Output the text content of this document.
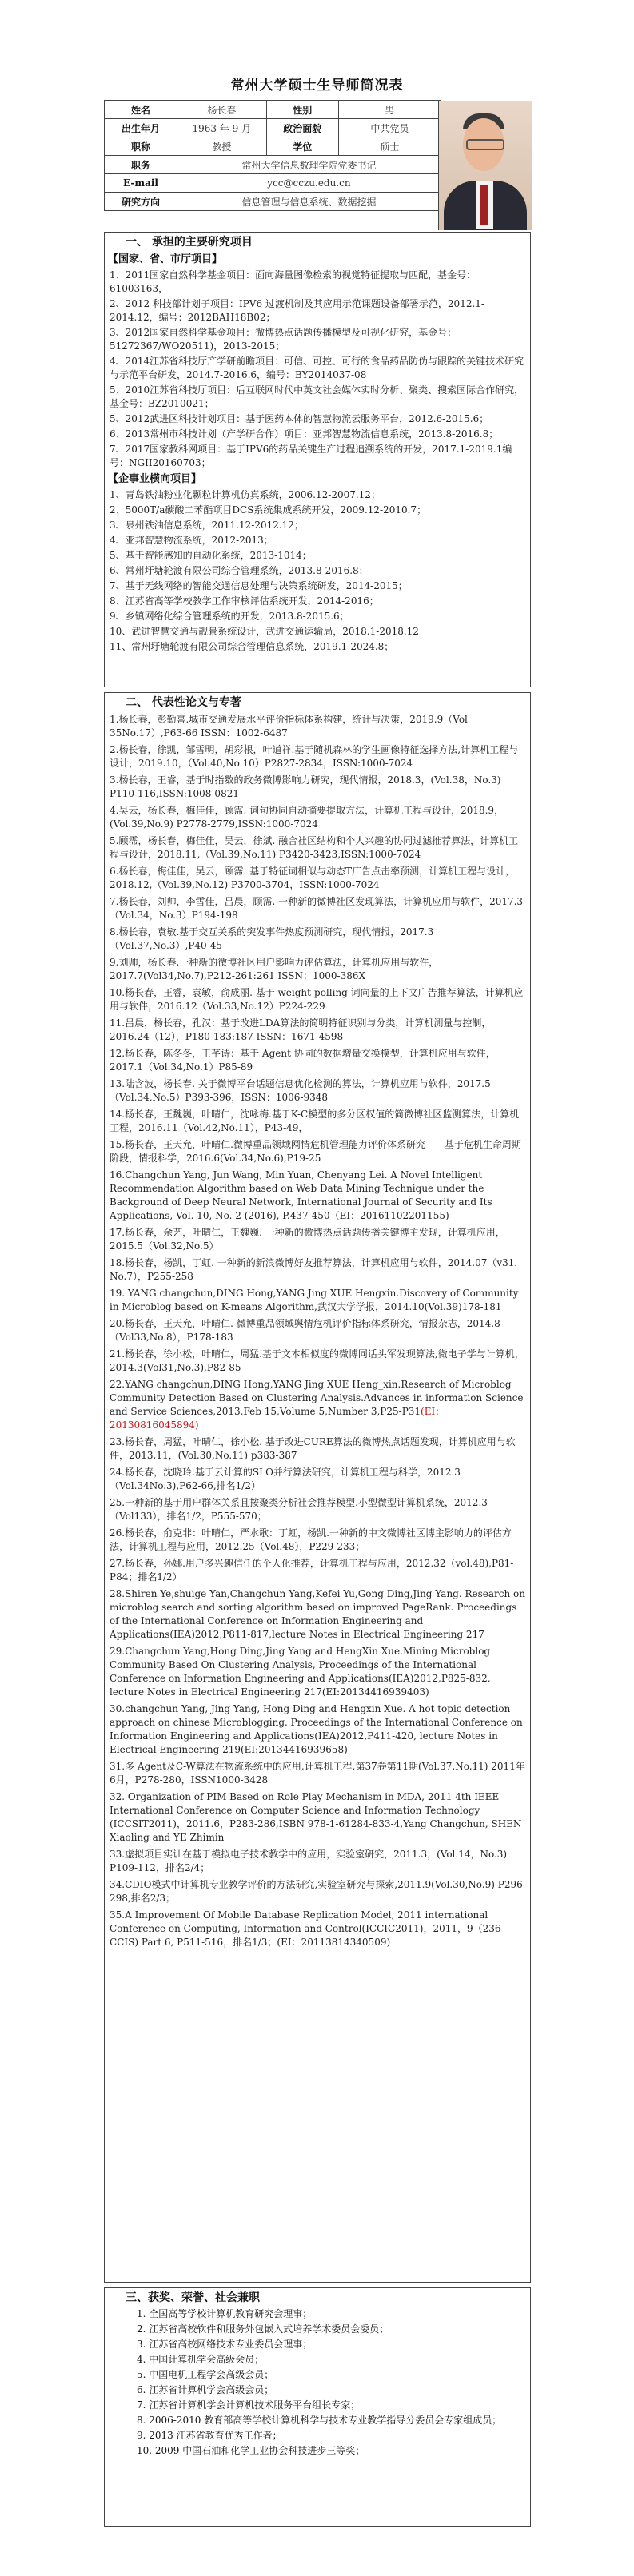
常州大学硕士生导师简况表
姓名	杨长春	性别	男	
出生年月	1963 年 9 月	政治面貌	中共党员	
职称	教授	学位	硕士	
职务	常州大学信息数理学院党委书记			
E-mail	ycc@cczu.edu.cn			
研究方向	信息管理与信息系统、数据挖掘			
一、 承担的主要研究项目
【国家、省、市厅项目】
1、2011国家自然科学基金项目：面向海量图像检索的视觉特征提取与匹配，基金号：61003163，
2、2012 科技部计划子项目：IPV6 过渡机制及其应用示范课题设备部署示范，2012.1-2014.12，编号：2012BAH18B02；
3、2012国家自然科学基金项目：微博热点话题传播模型及可视化研究，基金号：51272367/WO20511)，2013-2015；
4、2014江苏省科技厅产学研前瞻项目：可信、可控、可行的食品药品防伪与跟踪的关键技术研究与示范平台研发，2014.7-2016.6，编号：BY2014037-08
5、2010江苏省科技厅项目：后互联网时代中英文社会媒体实时分析、聚类、搜索国际合作研究，基金号：BZ2010021；
5、2012武进区科技计划项目：基于医药本体的智慧物流云服务平台，2012.6-2015.6；
6、2013常州市科技计划（产学研合作）项目：亚邦智慧物流信息系统，2013.8-2016.8；
7、2017国家教科网项目：基于IPV6的药品关键生产过程追溯系统的开发，2017.1-2019.1编号：NGII20160703；
【企事业横向项目】
1、青岛铁油粉业化颗粒计算机仿真系统，2006.12-2007.12；
2、5000T/a碳酸二苯酯项目DCS系统集成系统开发，2009.12-2010.7；
3、泉州铁油信息系统，2011.12-2012.12；
4、亚邦智慧物流系统，2012-2013；
5、基于智能感知的自动化系统，2013-1014；
6、常州圩塘轮渡有限公司综合管理系统，2013.8-2016.8；
7、基于无线网络的智能交通信息处理与决策系统研发，2014-2015；
8、江苏省高等学校教学工作审核评估系统开发，2014-2016；
9、乡镇网络化综合管理系统的开发，2013.8-2015.6；
10、武进智慧交通与靓景系统设计，武进交通运输局，2018.1-2018.12
11、常州圩塘轮渡有限公司综合管理信息系统，2019.1-2024.8；
二、 代表性论文与专著
1.杨长春，彭勤喜.城市交通发展水平评价指标体系构建，统计与决策，2019.9（Vol 35No.17）,P63-66 ISSN：1002-6487
2.杨长春，徐凯，邹雪明，胡彩根，叶道祥.基于随机森林的学生画像特征选择方法,计算机工程与设计，2019.10，（Vol.40,No.10）P2827-2834，ISSN:1000-7024
3.杨长春，王睿，基于时指数的政务微博影响力研究，现代情报，2018.3，(Vol.38，No.3) P110-116,ISSN:1008-0821
4.吴云，杨长春，梅佳佳，顾霈. 词句协同自动摘要提取方法，计算机工程与设计，2018.9，(Vol.39,No.9) P2778-2779,ISSN:1000-7024
5.顾霈，杨长春，梅佳佳，吴云，徐斌. 融合社区结构和个人兴趣的协同过滤推荐算法，计算机工程与设计，2018.11,（Vol.39,No.11) P3420-3423,ISSN:1000-7024
6.杨长春，梅佳佳，吴云，顾霈. 基于特征词相似与动态T广告点击率预测，计算机工程与设计，2018.12,（Vol.39,No.12) P3700-3704，ISSN:1000-7024
7.杨长春，刘帅，李雪佳，吕晨，顾霈. 一种新的微博社区发现算法，计算机应用与软件，2017.3（Vol.34，No.3）P194-198
8.杨长春，袁敏.基于交互关系的突发事件热度预测研究，现代情报，2017.3（Vol.37,No.3）,P40-45
9.刘帅，杨长春.一种新的微博社区用户影响力评估算法，计算机应用与软件，2017.7(Vol34,No.7),P212-261:261 ISSN：1000-386X
10.杨长春，王睿，袁敏，俞成丽. 基于 weight-polling 词向量的上下文广告推荐算法，计算机应用与软件，2016.12（Vol.33,No.12）P224-229
11.吕晨，杨长春，孔汉：基于改进LDA算法的简明特征识别与分类，计算机测量与控制，2016.24（12），P180-183:187 ISSN：1671-4598
12.杨长春，陈冬冬，王芊诗：基于 Agent 协同的数据增量交换模型，计算机应用与软件，2017.1（Vol.34,No.1）P85-89
13.陆含波，杨长春. 关于微博平台话题信息优化检测的算法，计算机应用与软件，2017.5（Vol.34,No.5）P393-396，ISSN：1006-9348
14.杨长春，王魏巍，叶晴仁，沈咏梅.基于K-C模型的多分区权值的简微博社区监测算法，计算机工程，2016.11（Vol.42,No.11），P43-49，
15.杨长春，王天允，叶晴仁.微博重品领域网情危机管理能力评价体系研究——基于危机生命周期阶段，情报科学，2016.6(Vol.34,No.6),P19-25
16.Changchun Yang, Jun Wang, Min Yuan, Chenyang Lei. A Novel Intelligent Recommendation Algorithm based on Web Data Mining Technique under the Background of Deep Neural Network, International Journal of Security and Its Applications, Vol. 10, No. 2 (2016), P.437-450（EI：20161102201155)
17.杨长春，余艺，叶晴仁，王魏巍. 一种新的微博热点话题传播关键博主发现，计算机应用，2015.5（Vol.32,No.5）
18.杨长春，杨凯，丁虹. 一种新的新浪微博好友推荐算法，计算机应用与软件，2014.07（v31，No.7），P255-258
19. YANG changchun,DING Hong,YANG Jing XUE Hengxin.Discovery of Community in Microblog based on K-means Algorithm,武汉大学学报，2014.10(Vol.39)178-181
20.杨长春，王天允，叶晴仁. 微博重品领域舆情危机评价指标体系研究，情报杂志，2014.8（Vol33,No.8），P178-183
21.杨长春，徐小松，叶晴仁，周猛.基于文本相似度的微博同话头军发现算法,微电子学与计算机，2014.3(Vol31,No.3),P82-85
22.YANG changchun,DING Hong,YANG Jing XUE Heng_xin.Research of Microblog Community Detection Based on Clustering Analysis.Advances in information Science and Service Sciences,2013.Feb 15,Volume 5,Number 3,P25-P31(EI：20130816045894)
23.杨长春，周猛，叶晴仁，徐小松. 基于改进CURE算法的微博热点话题发现，计算机应用与软件，2013.11，(Vol.30,No.11) p383-387
24.杨长春，沈晓玲.基于云计算的SLO并行算法研究，计算机工程与科学，2012.3（Vol.34No.3),P62-66,排名1/2）
25.一种新的基于用户群体关系且按聚类分析社会推荐模型.小型微型计算机系统，2012.3（Vol133），排名1/2，P555-570；
26.杨长春，俞克非：叶晴仁，严水歌：丁虹，杨凯.一种新的中文微博社区博主影响力的评估方法，计算机工程与应用，2012.25（Vol.48），P229-233；
27.杨长春，孙娜.用户多兴趣信任的个人化推荐，计算机工程与应用，2012.32（vol.48),P81-P84；排名1/2）
28.Shiren Ye,shuige Yan,Changchun Yang,Kefei Yu,Gong Ding,Jing Yang. Research on microblog search and sorting algorithm based on improved PageRank. Proceedings of the International Conference on Information Engineering and Applications(IEA)2012,P811-817,lecture Notes in Electrical Engineering 217
29.Changchun Yang,Hong Ding,Jing Yang and HengXin Xue.Mining Microblog Community Based On Clustering Analysis, Proceedings of the International Conference on Information Engineering and Applications(IEA)2012,P825-832, lecture Notes in Electrical Engineering 217(EI:20134416939403)
30.changchun Yang, Jing Yang, Hong Ding and Hengxin Xue. A hot topic detection approach on chinese Microblogging. Proceedings of the International Conference on Information Engineering and Applications(IEA)2012,P411-420, lecture Notes in Electrical Engineering 219(EI:20134416939658)
31.多 Agent及C-W算法在物流系统中的应用,计算机工程,第37卷第11期(Vol.37,No.11) 2011年6月，P278-280，ISSN1000-3428
32. Organization of PIM Based on Role Play Mechanism in MDA, 2011 4th IEEE International Conference on Computer Science and Information Technology (ICCSIT2011)，2011.6，P283-286,ISBN 978-1-61284-833-4,Yang Changchun, SHEN Xiaoling and YE Zhimin
33.虚拟项目实训在基于模拟电子技术教学中的应用，实验室研究，2011.3，(Vol.14，No.3) P109-112，排名2/4；
34.CDIO模式中计算机专业教学评价的方法研究,实验室研究与探索,2011.9(Vol.30,No.9) P296-298,排名2/3；
35.A Improvement Of Mobile Database Replication Model, 2011 international Conference on Computing, Information and Control(ICCIC2011)，2011，9（236 CCIS) Part 6, P511-516，排名1/3；(EI：20113814340509)
三、获奖、荣誉、社会兼职
1. 全国高等学校计算机教育研究会理事；
2. 江苏省高校软件和服务外包嵌入式培养学术委员会委员；
3. 江苏省高校网络技术专业委员会理事；
4. 中国计算机学会高级会员；
5. 中国电机工程学会高级会员；
6. 江苏省计算机学会高级会员；
7. 江苏省计算机学会计算机技术服务平台组长专家；
8. 2006-2010 教育部高等学校计算机科学与技术专业教学指导分委员会专家组成员；
9. 2013 江苏省教育优秀工作者；
10. 2009 中国石油和化学工业协会科技进步三等奖；
